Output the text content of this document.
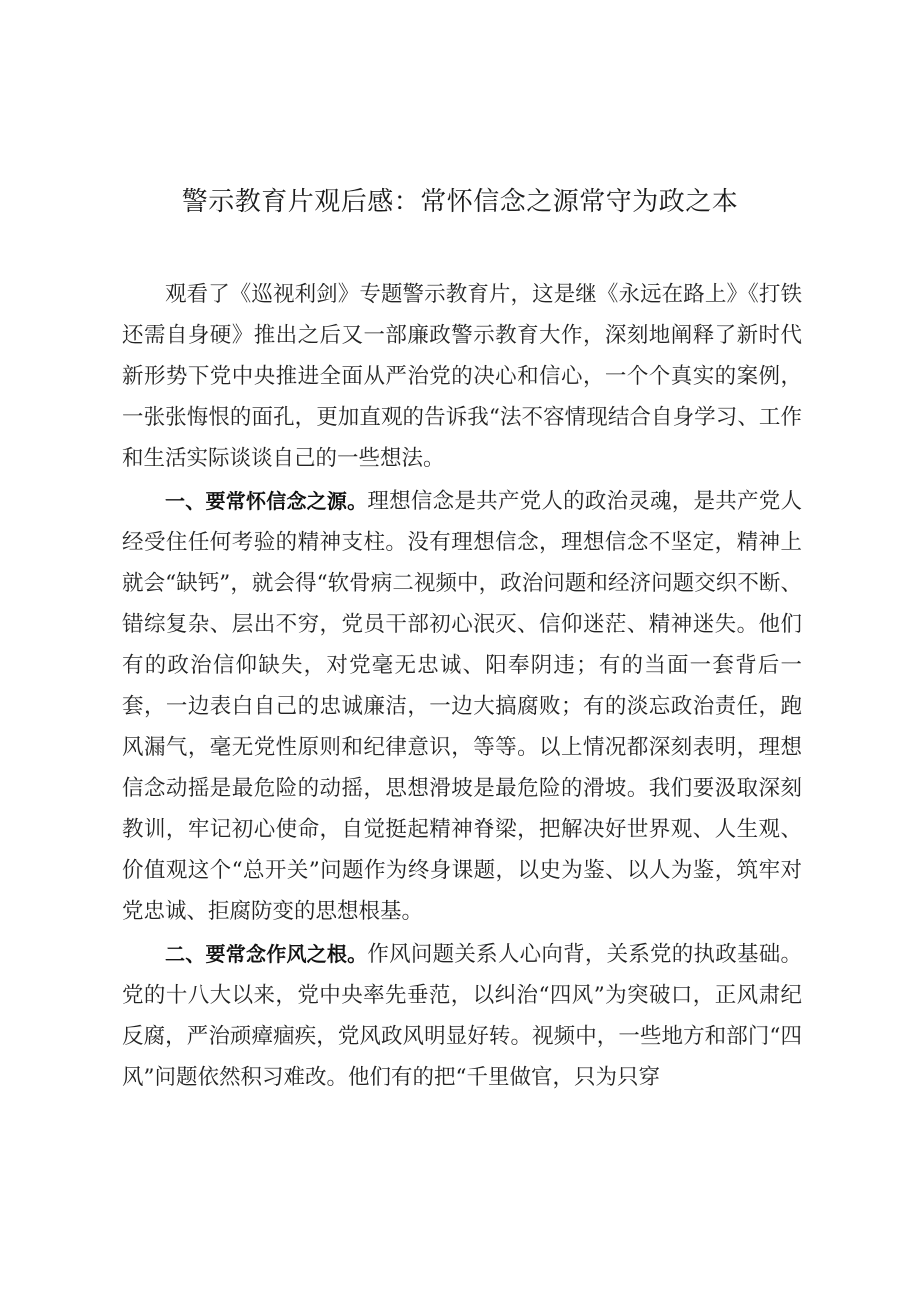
警示教育片观后感：常怀信念之源常守为政之本

观看了《巡视利剑》专题警示教育片，这是继《永远在路上》《打铁还需自身硬》推出之后又一部廉政警示教育大作，深刻地阐释了新时代新形势下党中央推进全面从严治党的决心和信心，一个个真实的案例，一张张悔恨的面孔，更加直观的告诉我“法不容情现结合自身学习、工作和生活实际谈谈自己的一些想法。

一、要常怀信念之源。理想信念是共产党人的政治灵魂，是共产党人经受住任何考验的精神支柱。没有理想信念，理想信念不坚定，精神上就会“缺钙”，就会得“软骨病二视频中，政治问题和经济问题交织不断、错综复杂、层出不穷，党员干部初心泯灭、信仰迷茫、精神迷失。他们有的政治信仰缺失，对党毫无忠诚、阳奉阴违；有的当面一套背后一套，一边表白自己的忠诚廉洁，一边大搞腐败；有的淡忘政治责任，跑风漏气，毫无党性原则和纪律意识，等等。以上情况都深刻表明，理想信念动摇是最危险的动摇，思想滑坡是最危险的滑坡。我们要汲取深刻教训，牢记初心使命，自觉挺起精神脊梁，把解决好世界观、人生观、价值观这个“总开关”问题作为终身课题，以史为鉴、以人为鉴，筑牢对党忠诚、拒腐防变的思想根基。

二、要常念作风之根。作风问题关系人心向背，关系党的执政基础。党的十八大以来，党中央率先垂范，以纠治“四风”为突破口，正风肃纪反腐，严治顽瘴痼疾，党风政风明显好转。视频中，一些地方和部门“四风”问题依然积习难改。他们有的把“千里做官，只为只穿
